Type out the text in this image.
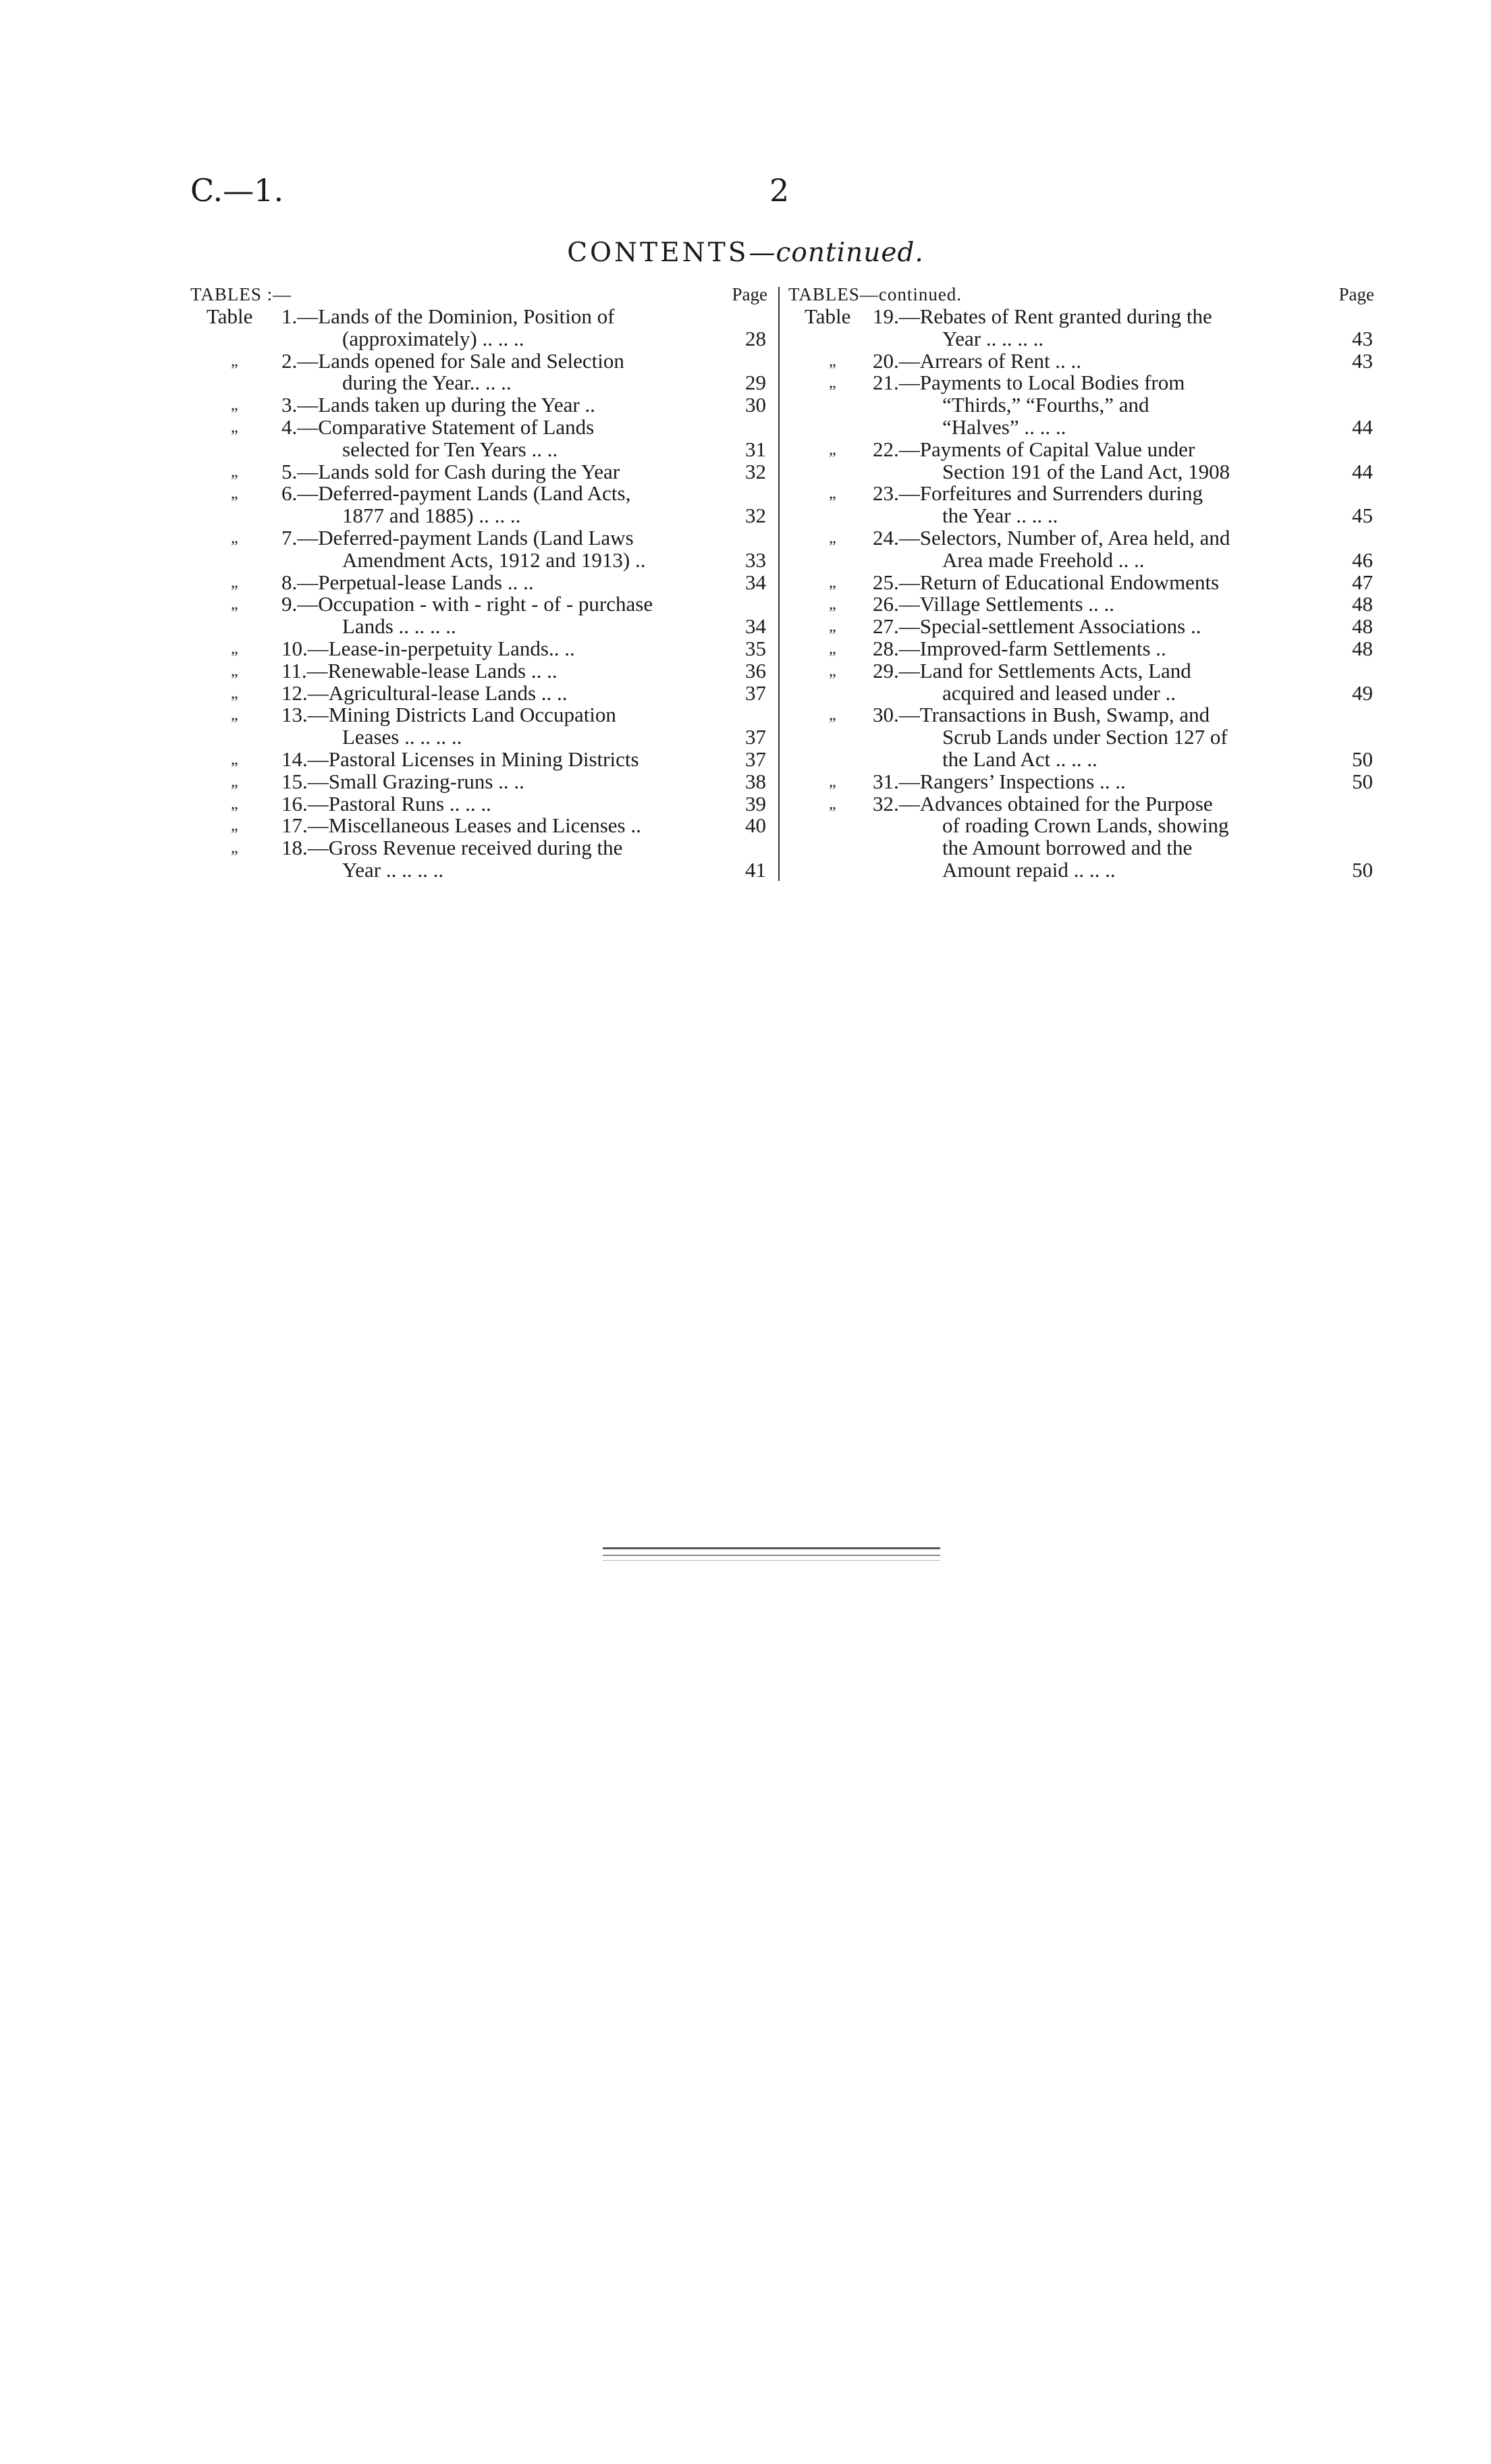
C.—1.	2
CONTENTS—continued.
TABLES :—	Page
Table 1.—Lands of the Dominion, Position of
(approximately) .. .. ..	28
„ 2.—Lands opened for Sale and Selection
during the Year.. .. ..	29
„ 3.—Lands taken up during the Year ..	30
„ 4.—Comparative Statement of Lands
selected for Ten Years .. ..	31
„ 5.—Lands sold for Cash during the Year	32
„ 6.—Deferred-payment Lands (Land Acts,
1877 and 1885) .. .. ..	32
„ 7.—Deferred-payment Lands (Land Laws
Amendment Acts, 1912 and 1913) ..	33
„ 8.—Perpetual-lease Lands .. ..	34
„ 9.—Occupation - with - right - of - purchase
Lands .. .. .. ..	34
„ 10.—Lease-in-perpetuity Lands.. ..	35
„ 11.—Renewable-lease Lands .. ..	36
„ 12.—Agricultural-lease Lands .. ..	37
„ 13.—Mining Districts Land Occupation
Leases .. .. .. ..	37
„ 14.—Pastoral Licenses in Mining Districts	37
„ 15.—Small Grazing-runs .. ..	38
„ 16.—Pastoral Runs .. .. ..	39
„ 17.—Miscellaneous Leases and Licenses ..	40
„ 18.—Gross Revenue received during the
Year .. .. .. ..	41
TABLES—continued.	Page
Table 19.—Rebates of Rent granted during the
Year .. .. .. ..	43
„ 20.—Arrears of Rent .. ..	43
„ 21.—Payments to Local Bodies from
“Thirds,” “Fourths,” and
“Halves” .. .. ..	44
„ 22.—Payments of Capital Value under
Section 191 of the Land Act, 1908	44
„ 23.—Forfeitures and Surrenders during
the Year .. .. ..	45
„ 24.—Selectors, Number of, Area held, and
Area made Freehold .. ..	46
„ 25.—Return of Educational Endowments	47
„ 26.—Village Settlements .. ..	48
„ 27.—Special-settlement Associations ..	48
„ 28.—Improved-farm Settlements ..	48
„ 29.—Land for Settlements Acts, Land
acquired and leased under ..	49
„ 30.—Transactions in Bush, Swamp, and
Scrub Lands under Section 127 of
the Land Act .. .. ..	50
„ 31.—Rangers’ Inspections .. ..	50
„ 32.—Advances obtained for the Purpose
of roading Crown Lands, showing
the Amount borrowed and the
Amount repaid .. .. ..	50
